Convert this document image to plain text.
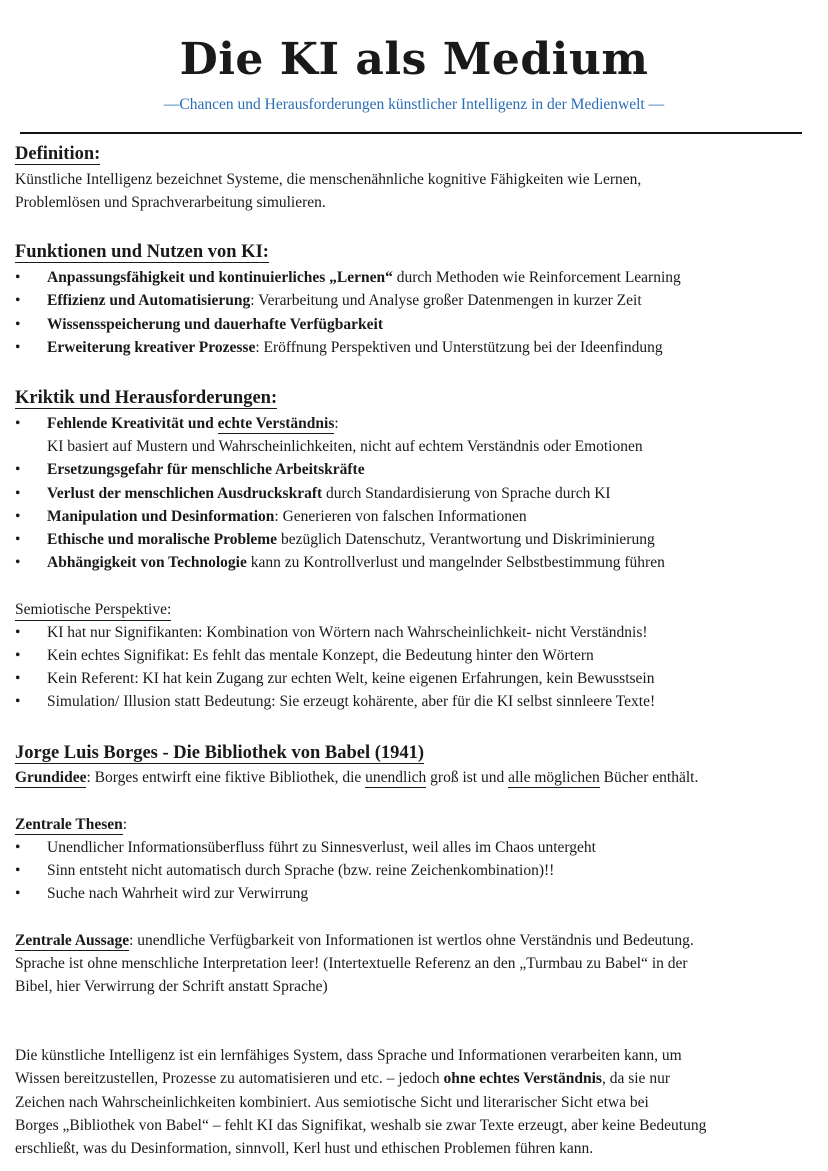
Die KI als Medium
—Chancen und Herausforderungen künstlicher Intelligenz in der Medienwelt —
Definition:
Künstliche Intelligenz bezeichnet Systeme, die menschenähnliche kognitive Fähigkeiten wie Lernen,
Problemlösen und Sprachverarbeitung simulieren.
Funktionen und Nutzen von KI:
• Anpassungsfähigkeit und kontinuierliches „Lernen“ durch Methoden wie Reinforcement Learning
• Effizienz und Automatisierung: Verarbeitung und Analyse großer Datenmengen in kurzer Zeit
• Wissensspeicherung und dauerhafte Verfügbarkeit
• Erweiterung kreativer Prozesse: Eröffnung Perspektiven und Unterstützung bei der Ideenfindung
Kriktik und Herausforderungen:
• Fehlende Kreativität und echte Verständnis:
KI basiert auf Mustern und Wahrscheinlichkeiten, nicht auf echtem Verständnis oder Emotionen
• Ersetzungsgefahr für menschliche Arbeitskräfte
• Verlust der menschlichen Ausdruckskraft durch Standardisierung von Sprache durch KI
• Manipulation und Desinformation: Generieren von falschen Informationen
• Ethische und moralische Probleme bezüglich Datenschutz, Verantwortung und Diskriminierung
• Abhängigkeit von Technologie kann zu Kontrollverlust und mangelnder Selbstbestimmung führen
Semiotische Perspektive:
• KI hat nur Signifikanten: Kombination von Wörtern nach Wahrscheinlichkeit- nicht Verständnis!
• Kein echtes Signifikat: Es fehlt das mentale Konzept, die Bedeutung hinter den Wörtern
• Kein Referent: KI hat kein Zugang zur echten Welt, keine eigenen Erfahrungen, kein Bewusstsein
• Simulation/ Illusion statt Bedeutung: Sie erzeugt kohärente, aber für die KI selbst sinnleere Texte!
Jorge Luis Borges - Die Bibliothek von Babel (1941)
Grundidee: Borges entwirft eine fiktive Bibliothek, die unendlich groß ist und alle möglichen Bücher enthält.
Zentrale Thesen:
• Unendlicher Informationsüberfluss führt zu Sinnesverlust, weil alles im Chaos untergeht
• Sinn entsteht nicht automatisch durch Sprache (bzw. reine Zeichenkombination)!!
• Suche nach Wahrheit wird zur Verwirrung
Zentrale Aussage: unendliche Verfügbarkeit von Informationen ist wertlos ohne Verständnis und Bedeutung.
Sprache ist ohne menschliche Interpretation leer! (Intertextuelle Referenz an den „Turmbau zu Babel“ in der
Bibel, hier Verwirrung der Schrift anstatt Sprache)
Die künstliche Intelligenz ist ein lernfähiges System, dass Sprache und Informationen verarbeiten kann, um
Wissen bereitzustellen, Prozesse zu automatisieren und etc. – jedoch ohne echtes Verständnis, da sie nur
Zeichen nach Wahrscheinlichkeiten kombiniert. Aus semiotische Sicht und literarischer Sicht etwa bei
Borges „Bibliothek von Babel“ – fehlt KI das Signifikat, weshalb sie zwar Texte erzeugt, aber keine Bedeutung
erschließt, was du Desinformation, sinnvoll, Kerl hust und ethischen Problemen führen kann.
